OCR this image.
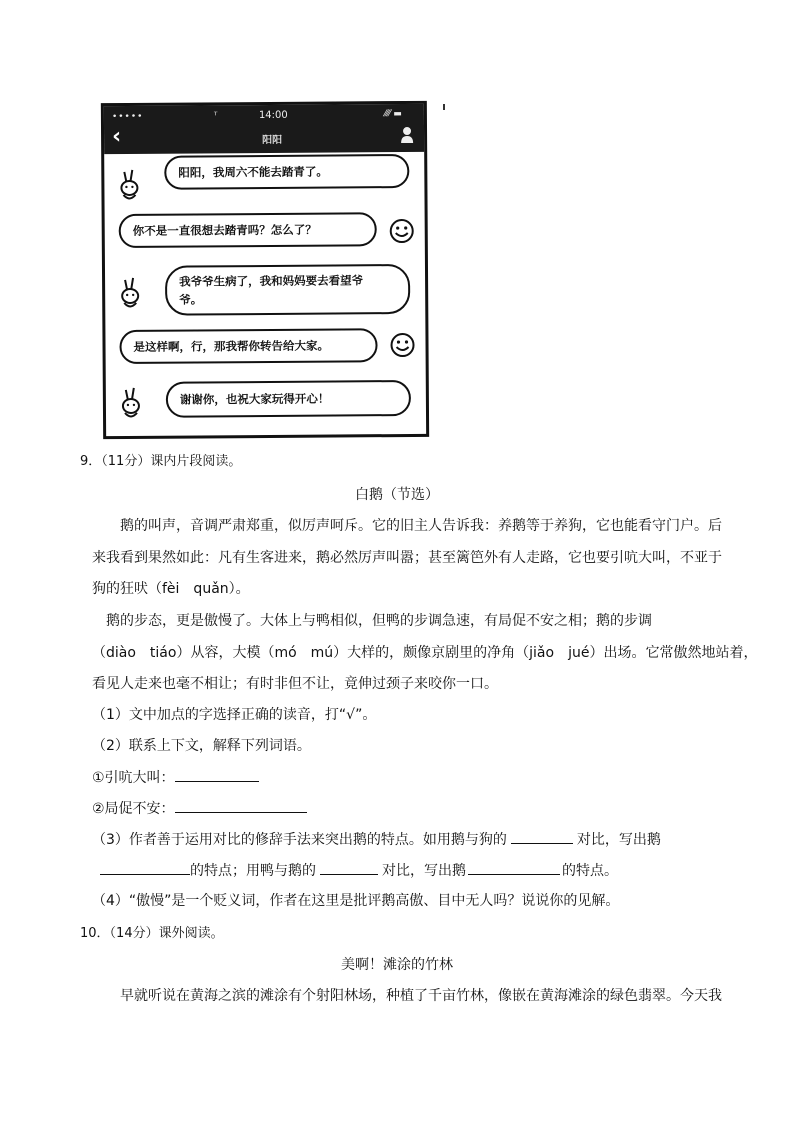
•••••	ᵀ	14:00	⁄⁄⁄⁄ ▬
‹	阳阳
阳阳，我周六不能去踏青了。
你不是一直很想去踏青吗？怎么了？
我爷爷生病了，我和妈妈要去看望爷爷。
是这样啊，行，那我帮你转告给大家。
谢谢你，也祝大家玩得开心！
9．（11分）课内片段阅读。
白鹅（节选）
鹅的叫声，音调严肃郑重，似厉声呵斥。它的旧主人告诉我：养鹅等于养狗，它也能看守门户。后
来我看到果然如此：凡有生客进来，鹅必然厉声叫嚣；甚至篱笆外有人走路，它也要引吭大叫，不亚于
狗的狂吠（fèi　quǎn）。
鹅的步态，更是傲慢了。大体上与鸭相似，但鸭的步调急速，有局促不安之相；鹅的步调
（diào　tiáo）从容，大模（mó　mú）大样的，颇像京剧里的净角（jiǎo　jué）出场。它常傲然地站着，
看见人走来也毫不相让；有时非但不让，竟伸过颈子来咬你一口。
（1）文中加点的字选择正确的读音，打“√”。
（2）联系上下文，解释下列词语。
①引吭大叫：
②局促不安：
（3）作者善于运用对比的修辞手法来突出鹅的特点。如用鹅与狗的	对比，写出鹅
的特点；用鸭与鹅的	对比，写出鹅	的特点。
（4）“傲慢”是一个贬义词，作者在这里是批评鹅高傲、目中无人吗？说说你的见解。
10．（14分）课外阅读。
美啊！滩涂的竹林
早就听说在黄海之滨的滩涂有个射阳林场，种植了千亩竹林，像嵌在黄海滩涂的绿色翡翠。今天我
